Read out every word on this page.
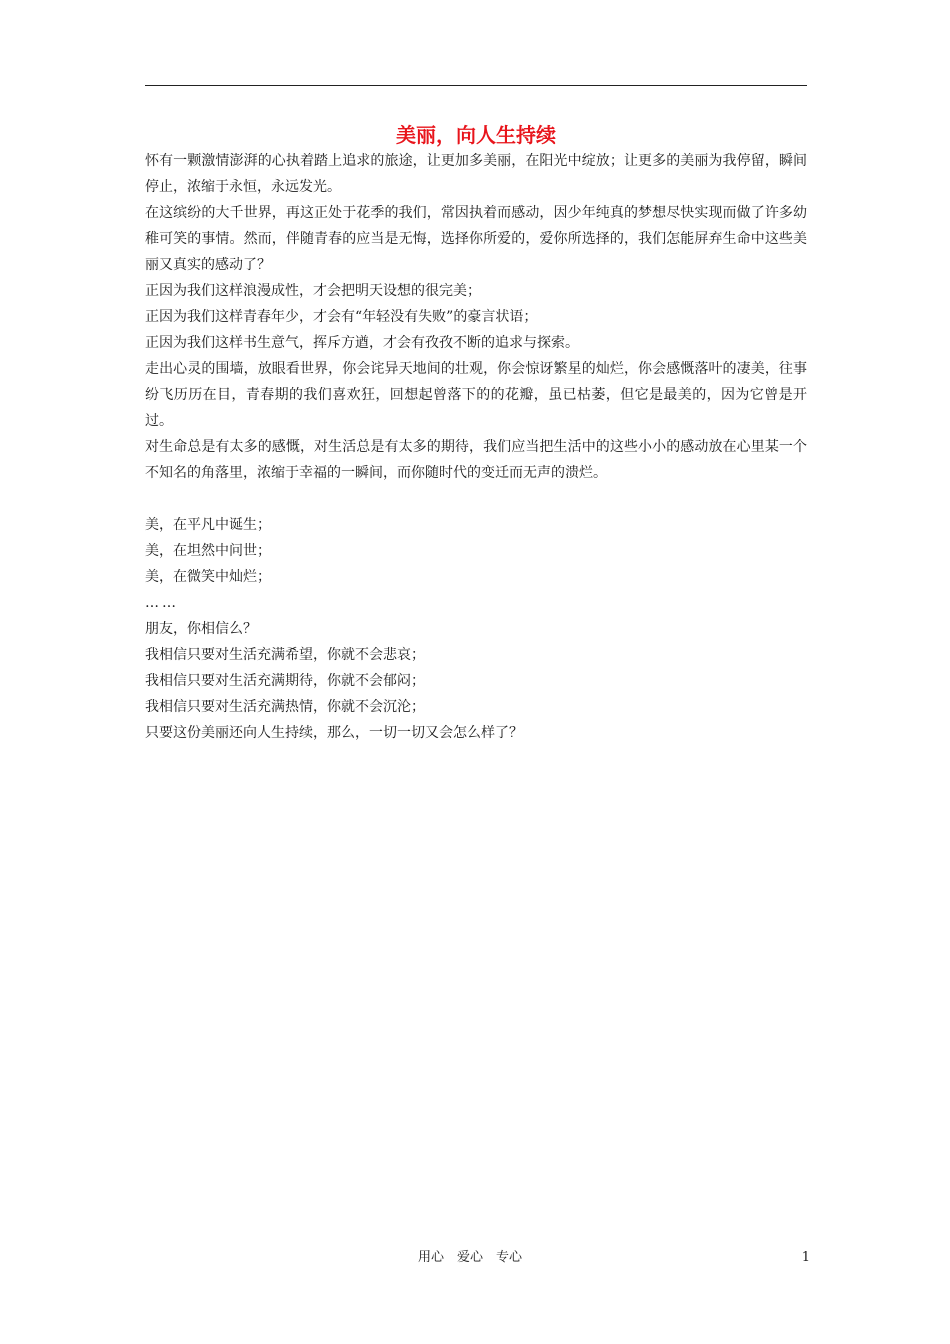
美丽，向人生持续

怀有一颗激情澎湃的心执着踏上追求的旅途，让更加多美丽，在阳光中绽放；让更多的美丽为我停留，瞬间停止，浓缩于永恒，永远发光。

在这缤纷的大千世界，再这正处于花季的我们，常因执着而感动，因少年纯真的梦想尽快实现而做了许多幼稚可笑的事情。然而，伴随青春的应当是无悔，选择你所爱的，爱你所选择的，我们怎能屏弃生命中这些美丽又真实的感动了？

正因为我们这样浪漫成性，才会把明天设想的很完美；

正因为我们这样青春年少，才会有“年轻没有失败”的豪言状语；

正因为我们这样书生意气，挥斥方遒，才会有孜孜不断的追求与探索。

走出心灵的围墙，放眼看世界，你会诧异天地间的壮观，你会惊讶繁星的灿烂，你会感慨落叶的凄美，往事纷飞历历在目，青春期的我们喜欢狂，回想起曾落下的的花瓣，虽已枯萎，但它是最美的，因为它曾是开过。

对生命总是有太多的感慨，对生活总是有太多的期待，我们应当把生活中的这些小小的感动放在心里某一个不知名的角落里，浓缩于幸福的一瞬间，而你随时代的变迁而无声的溃烂。

美，在平凡中诞生；

美，在坦然中问世；

美，在微笑中灿烂；

……

朋友，你相信么？

我相信只要对生活充满希望，你就不会悲哀；

我相信只要对生活充满期待，你就不会郁闷；

我相信只要对生活充满热情，你就不会沉沦；

只要这份美丽还向人生持续，那么，一切一切又会怎么样了？

用心　爱心　专心	1
